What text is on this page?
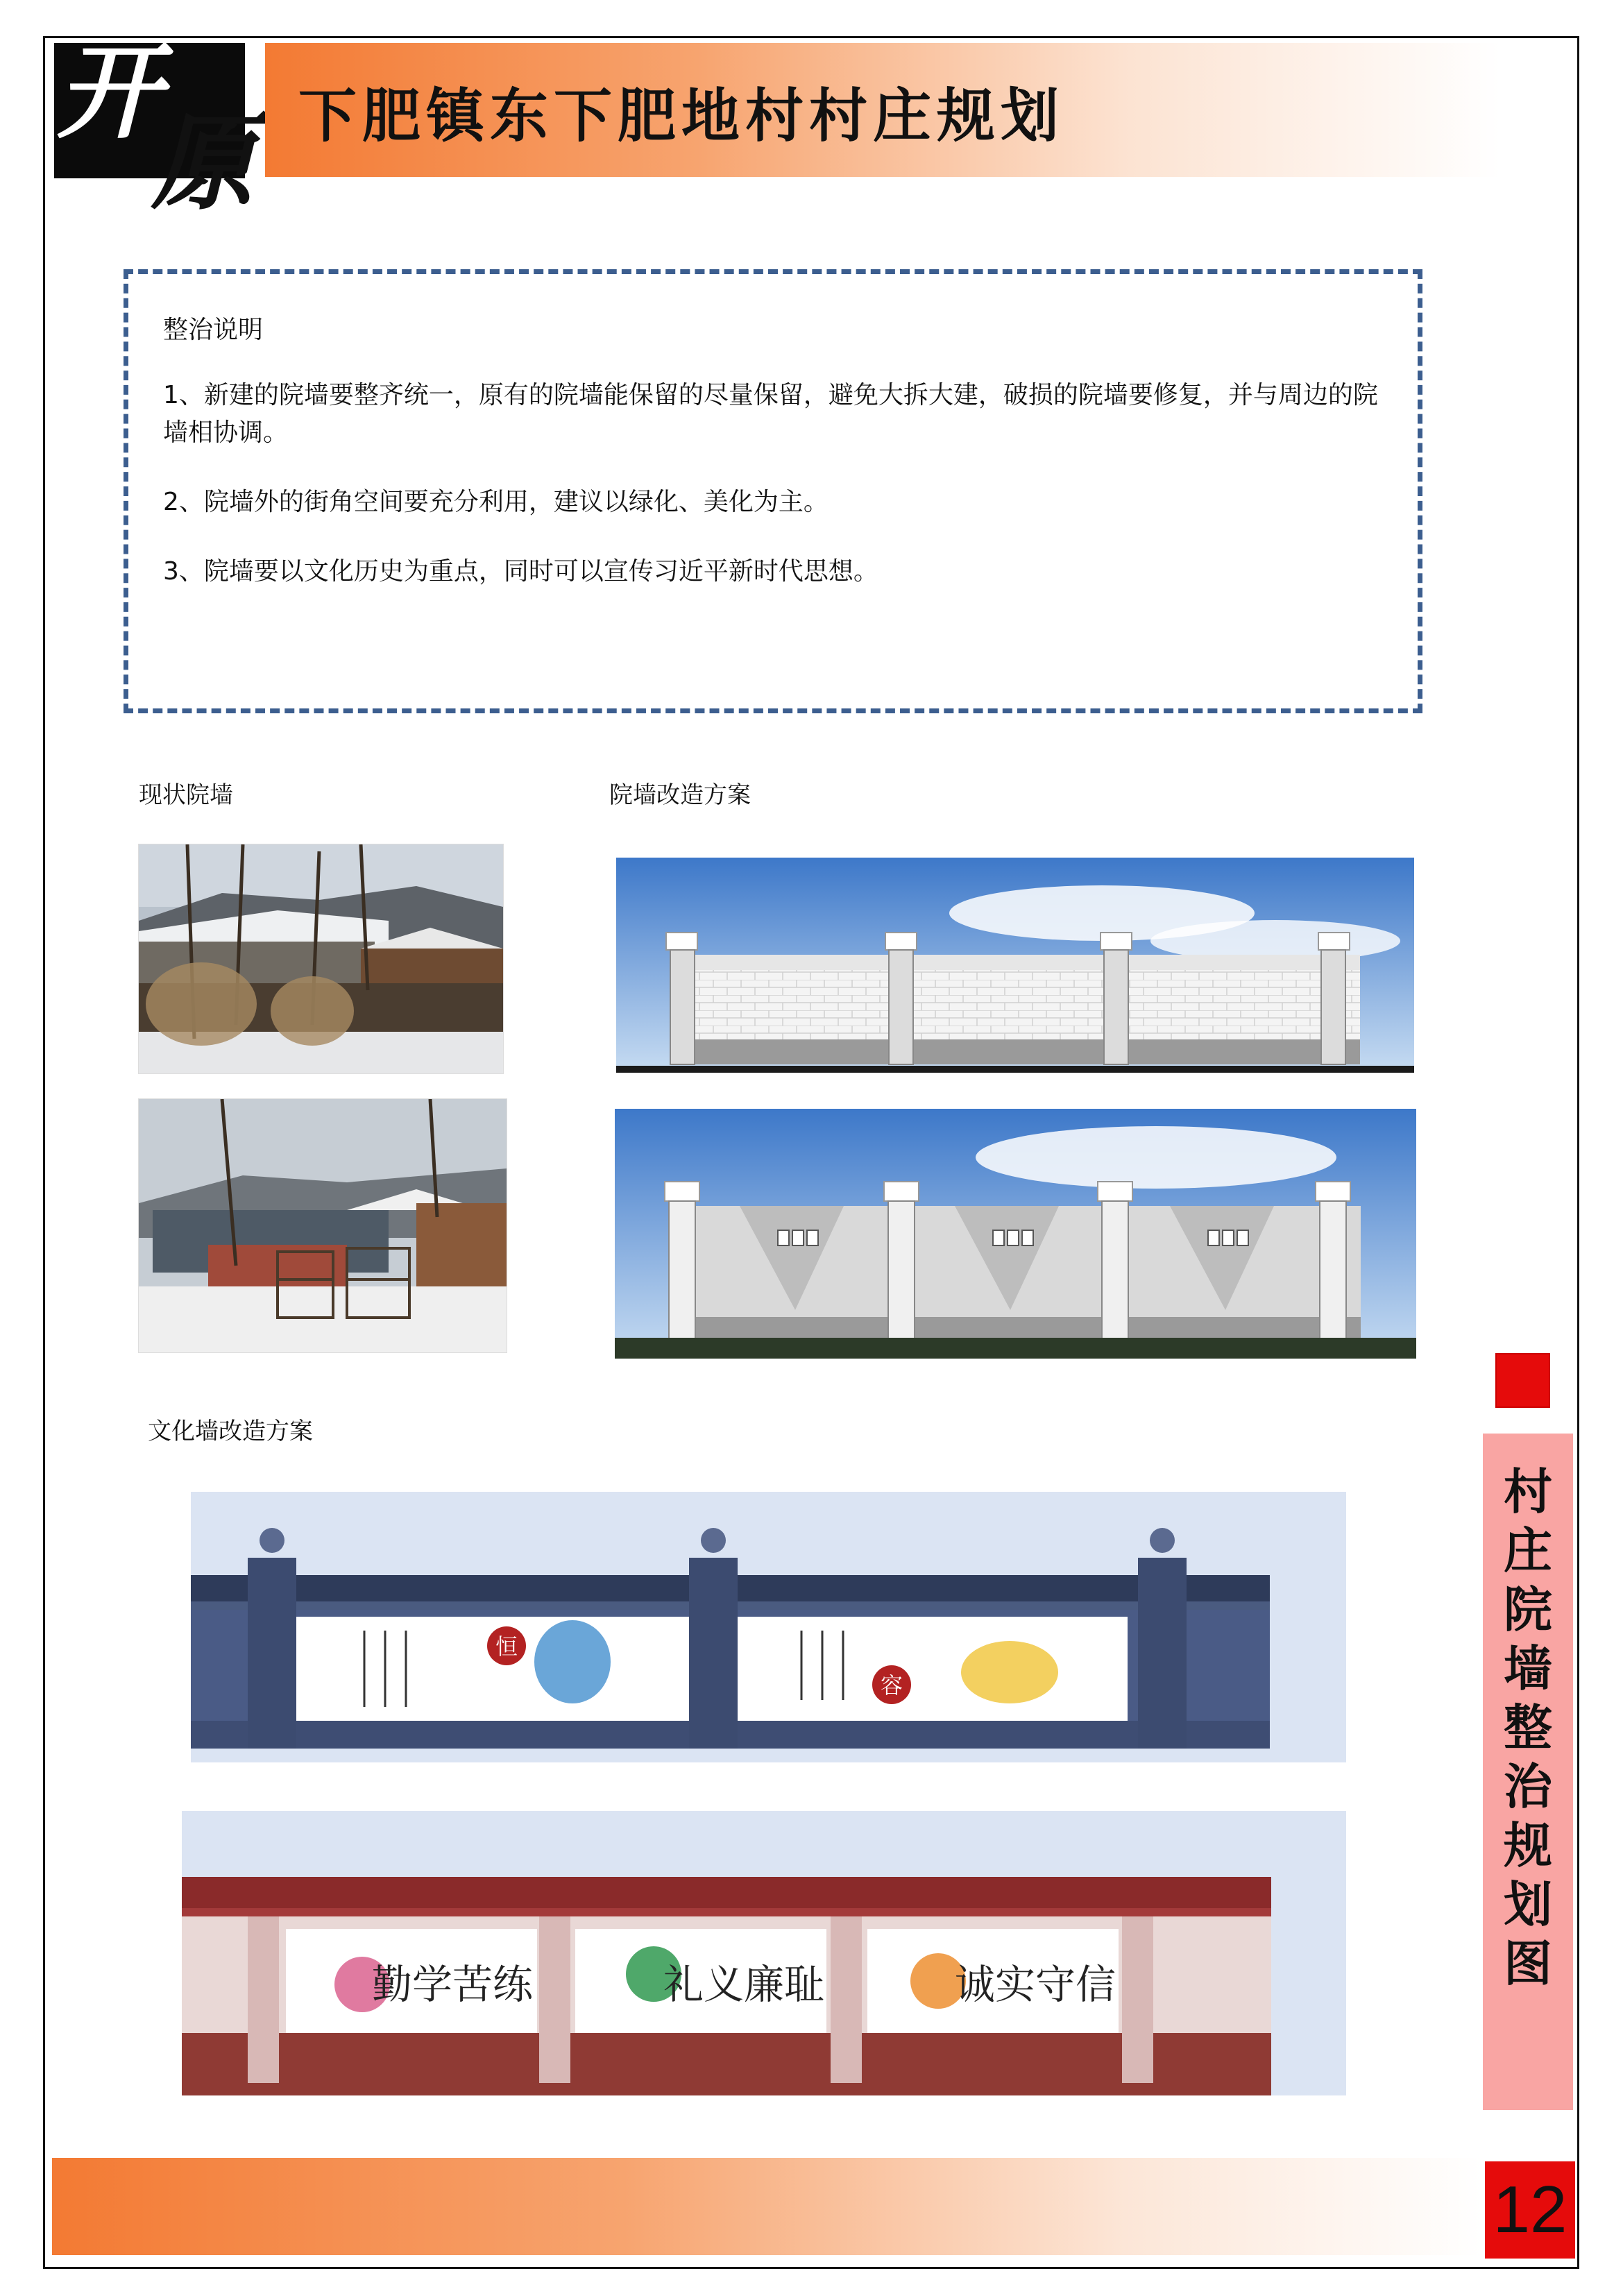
开
原 下肥镇东下肥地村村庄规划
整治说明
1、新建的院墙要整齐统一，原有的院墙能保留的尽量保留，避免大拆大建，破损的院墙要修复，并与周边的院墙相协调。
2、院墙外的街角空间要充分利用，建议以绿化、美化为主。
3、院墙要以文化历史为重点，同时可以宣传习近平新时代思想。
现状院墙	院墙改造方案
文化墙改造方案
恒
容
勤学苦练	礼义廉耻	诚实守信
村
庄
院
墙
整
治
规
划
图
12
